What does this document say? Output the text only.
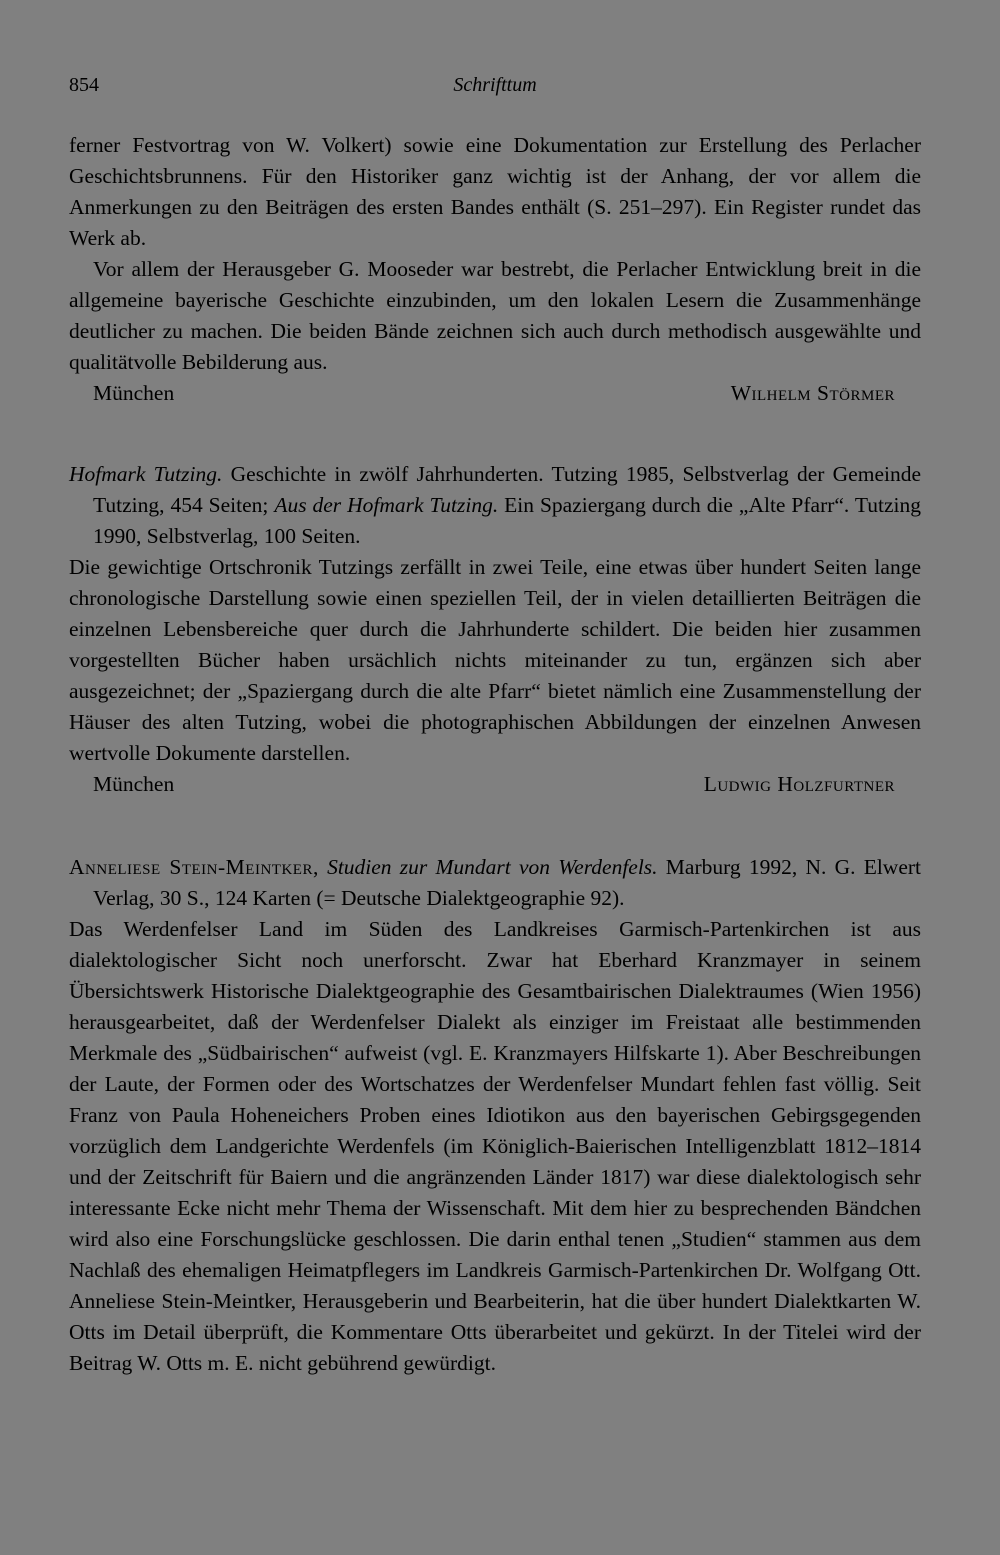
854	Schrifttum

ferner Festvortrag von W. Volkert) sowie eine Dokumentation zur Erstellung des Perlacher Geschichtsbrunnens. Für den Historiker ganz wichtig ist der Anhang, der vor allem die Anmerkungen zu den Beiträgen des ersten Bandes enthält (S. 251–297). Ein Register rundet das Werk ab.

Vor allem der Herausgeber G. Mooseder war bestrebt, die Perlacher Entwicklung breit in die allgemeine bayerische Geschichte einzubinden, um den lokalen Lesern die Zusammenhänge deutlicher zu machen. Die beiden Bände zeichnen sich auch durch methodisch ausgewählte und qualitätvolle Bebilderung aus.

München	Wilhelm Störmer

Hofmark Tutzing. Geschichte in zwölf Jahrhunderten. Tutzing 1985, Selbstverlag der Gemeinde Tutzing, 454 Seiten; Aus der Hofmark Tutzing. Ein Spaziergang durch die „Alte Pfarr“. Tutzing 1990, Selbstverlag, 100 Seiten.

Die gewichtige Ortschronik Tutzings zerfällt in zwei Teile, eine etwas über hundert Seiten lange chronologische Darstellung sowie einen speziellen Teil, der in vielen detaillierten Beiträgen die einzelnen Lebensbereiche quer durch die Jahrhunderte schildert. Die beiden hier zusammen vorgestellten Bücher haben ursächlich nichts miteinander zu tun, ergänzen sich aber ausgezeichnet; der „Spaziergang durch die alte Pfarr“ bietet nämlich eine Zusammenstellung der Häuser des alten Tutzing, wobei die photographischen Abbildungen der einzelnen Anwesen wertvolle Dokumente darstellen.

München	Ludwig Holzfurtner

Anneliese Stein-Meintker, Studien zur Mundart von Werdenfels. Marburg 1992, N. G. Elwert Verlag, 30 S., 124 Karten (= Deutsche Dialektgeographie 92).

Das Werdenfelser Land im Süden des Landkreises Garmisch-Partenkirchen ist aus dialektologischer Sicht noch unerforscht. Zwar hat Eberhard Kranzmayer in seinem Übersichtswerk Historische Dialektgeographie des Gesamtbairischen Dialektraumes (Wien 1956) herausgearbeitet, daß der Werdenfelser Dialekt als einziger im Freistaat alle bestimmenden Merkmale des „Südbairischen“ aufweist (vgl. E. Kranzmayers Hilfskarte 1). Aber Beschreibungen der Laute, der Formen oder des Wortschatzes der Werdenfelser Mundart fehlen fast völlig. Seit Franz von Paula Hoheneichers Proben eines Idiotikon aus den bayerischen Gebirgsgegenden vorzüglich dem Landgerichte Werdenfels (im Königlich-Baierischen Intelligenzblatt 1812–1814 und der Zeitschrift für Baiern und die angränzenden Länder 1817) war diese dialektologisch sehr interessante Ecke nicht mehr Thema der Wissenschaft. Mit dem hier zu besprechenden Bändchen wird also eine Forschungslücke geschlossen. Die darin enthal tenen „Studien“ stammen aus dem Nachlaß des ehemaligen Heimatpflegers im Landkreis Garmisch-Partenkirchen Dr. Wolfgang Ott. Anneliese Stein-Meintker, Herausgeberin und Bearbeiterin, hat die über hundert Dialektkarten W. Otts im Detail überprüft, die Kommentare Otts überarbeitet und gekürzt. In der Titelei wird der Beitrag W. Otts m. E. nicht gebührend gewürdigt.
